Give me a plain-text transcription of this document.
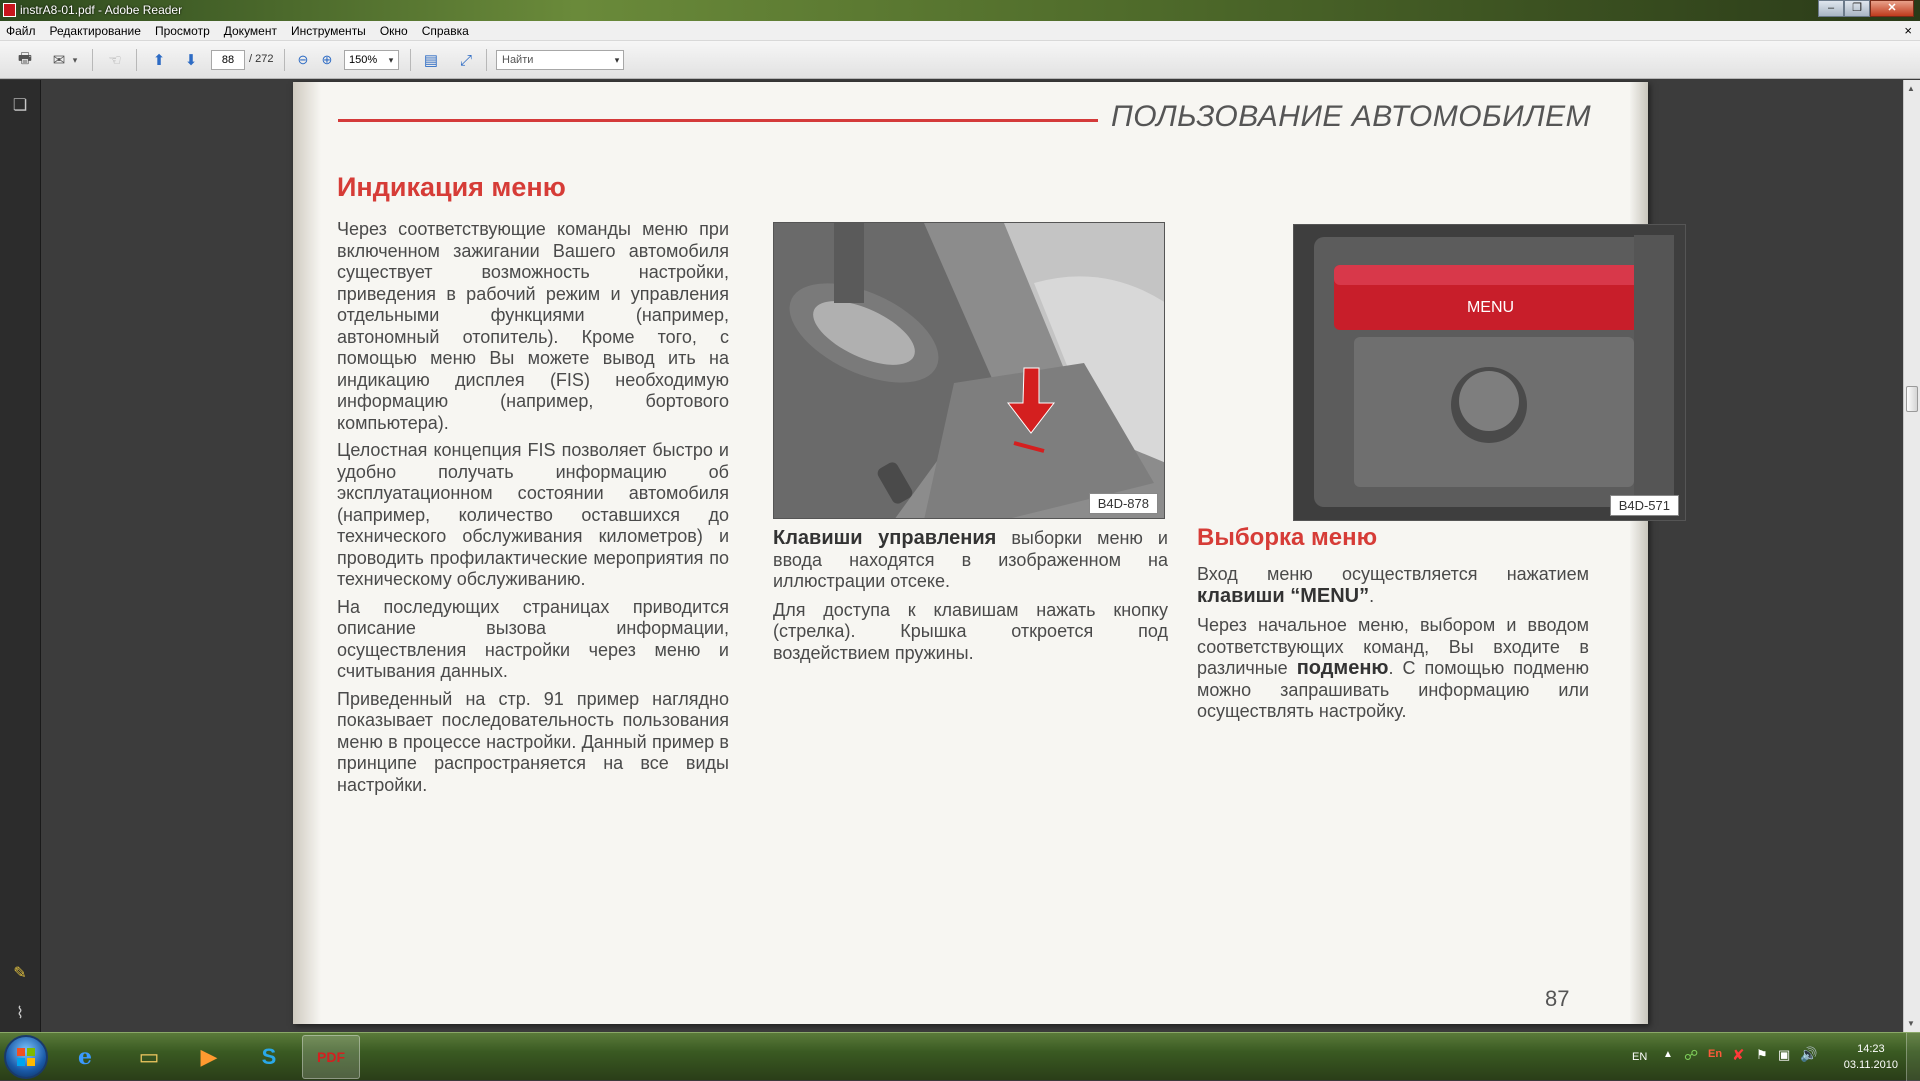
instrA8-01.pdf - Adobe Reader	–	❐	✕
Файл Редактирование Просмотр Документ Инструменты Окно Справка	×
🖶	✉ ▾ ☜	⬆	⬇	88	/ 272	⊖	⊕	150%	▾	▤	⤢	Найти	▾
❏
✎
⌇
ПОЛЬЗОВАНИЕ АВТОМОБИЛЕМ
Индикация меню

Через соответствующие команды меню при включенном зажигании Вашего автомобиля существует возможность настройки, приведения в рабочий режим и управления отдельными функциями (например, автономный отопитель). Кроме того, с помощью меню Вы можете вывод ить на индикацию дисплея (FIS) необходимую информацию (например, бортового компьютера).

Целостная концепция FIS позволяет быстро и удобно получать информацию об эксплуатационном состоянии автомобиля (например, количество оставшихся до технического обслуживания километров) и проводить профилактические мероприятия по техническому обслуживанию.

На последующих страницах приводится описание вызова информации, осуществления настройки через меню и считывания данных.

Приведенный на стр. 91 пример наглядно показывает последовательность пользования меню в процессе настройки. Данный пример в принципе распространяется на все виды настройки.

B4D-878
MENU
B4D-571

Клавиши управления выборки меню и ввода находятся в изображенном на иллюстрации отсеке.

Для доступа к клавишам нажать кнопку (стрелка). Крышка откроется под воздействием пружины.

Выборка меню

Вход меню осуществляется нажатием клавиши “MENU”.

Через начальное меню, выбором и вводом соответствующих команд, Вы входите в различные подменю. С помощью подменю можно запрашивать информацию или осуществлять настройку.

87
▲
▼
e	▭	▶	S	PDF	EN ▲ ☍ En ✘ ⚑ ▣ 🔊	14:23
03.11.2010
